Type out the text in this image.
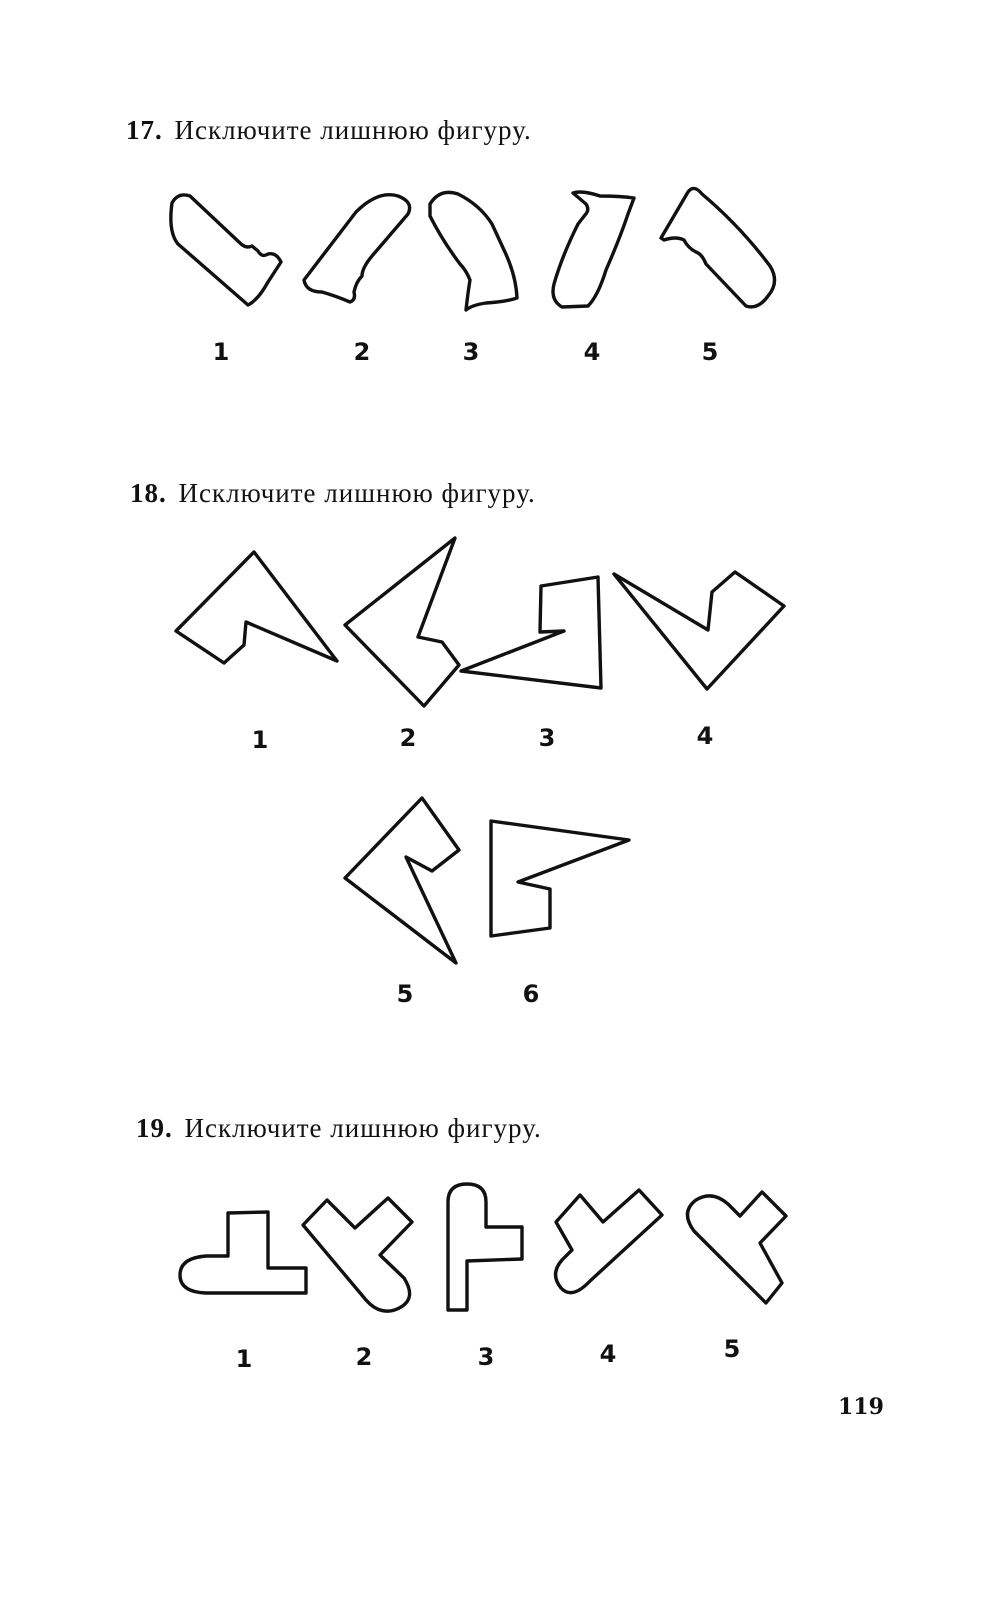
17. Исключите лишнюю фигуру.
1	2	3	4	5
18. Исключите лишнюю фигуру.
1	2	3	4
5	6
19. Исключите лишнюю фигуру.
1	2	3	4	5
119
